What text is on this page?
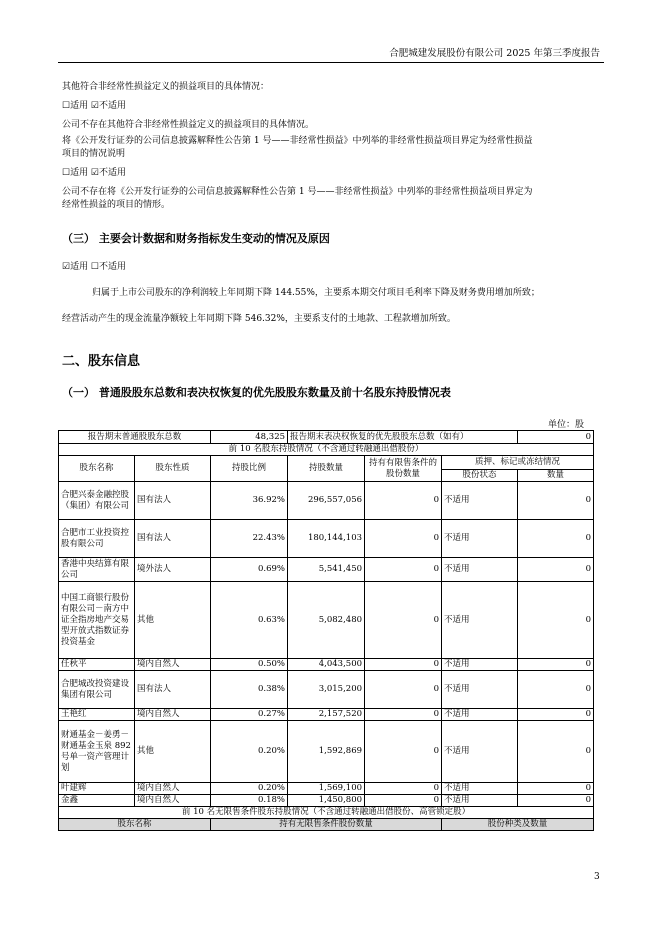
合肥城建发展股份有限公司 2025 年第三季度报告
其他符合非经常性损益定义的损益项目的具体情况：
☐适用 ☑不适用
公司不存在其他符合非经常性损益定义的损益项目的具体情况。
将《公开发行证券的公司信息披露解释性公告第 1 号——非经常性损益》中列举的非经常性损益项目界定为经常性损益
项目的情况说明
☐适用 ☑不适用
公司不存在将《公开发行证券的公司信息披露解释性公告第 1 号——非经常性损益》中列举的非经常性损益项目界定为
经常性损益的项目的情形。
（三） 主要会计数据和财务指标发生变动的情况及原因
☑适用 ☐不适用
归属于上市公司股东的净利润较上年同期下降 144.55%，主要系本期交付项目毛利率下降及财务费用增加所致；
经营活动产生的现金流量净额较上年同期下降 546.32%，主要系支付的土地款、工程款增加所致。
二、股东信息
（一） 普通股股东总数和表决权恢复的优先股股东数量及前十名股东持股情况表
单位：股
报告期末普通股股东总数		48,325	报告期末表决权恢复的优先股股东总数（如有）			0
前 10 名股东持股情况（不含通过转融通出借股份）						
股东名称	股东性质	持股比例	持股数量	持有有限售条件的股份数量	质押、标记或冻结情况	
					股份状态	数量
合肥兴泰金融控股（集团）有限公司	国有法人	36.92%	296,557,056	0	不适用	0
合肥市工业投资控股有限公司	国有法人	22.43%	180,144,103	0	不适用	0
香港中央结算有限公司	境外法人	0.69%	5,541,450	0	不适用	0
中国工商银行股份有限公司－南方中证全指房地产交易型开放式指数证券投资基金	其他	0.63%	5,082,480	0	不适用	0
任秋平	境内自然人	0.50%	4,043,500	0	不适用	0
合肥城改投资建设集团有限公司	国有法人	0.38%	3,015,200	0	不适用	0
王艳红	境内自然人	0.27%	2,157,520	0	不适用	0
财通基金－姜勇－财通基金玉泉 892 号单一资产管理计划	其他	0.20%	1,592,869	0	不适用	0
叶建辉	境内自然人	0.20%	1,569,100	0	不适用	0
金鑫	境内自然人	0.18%	1,450,800	0	不适用	0
前 10 名无限售条件股东持股情况（不含通过转融通出借股份、高管锁定股）						
股东名称		持有无限售条件股份数量			股份种类及数量	
3
